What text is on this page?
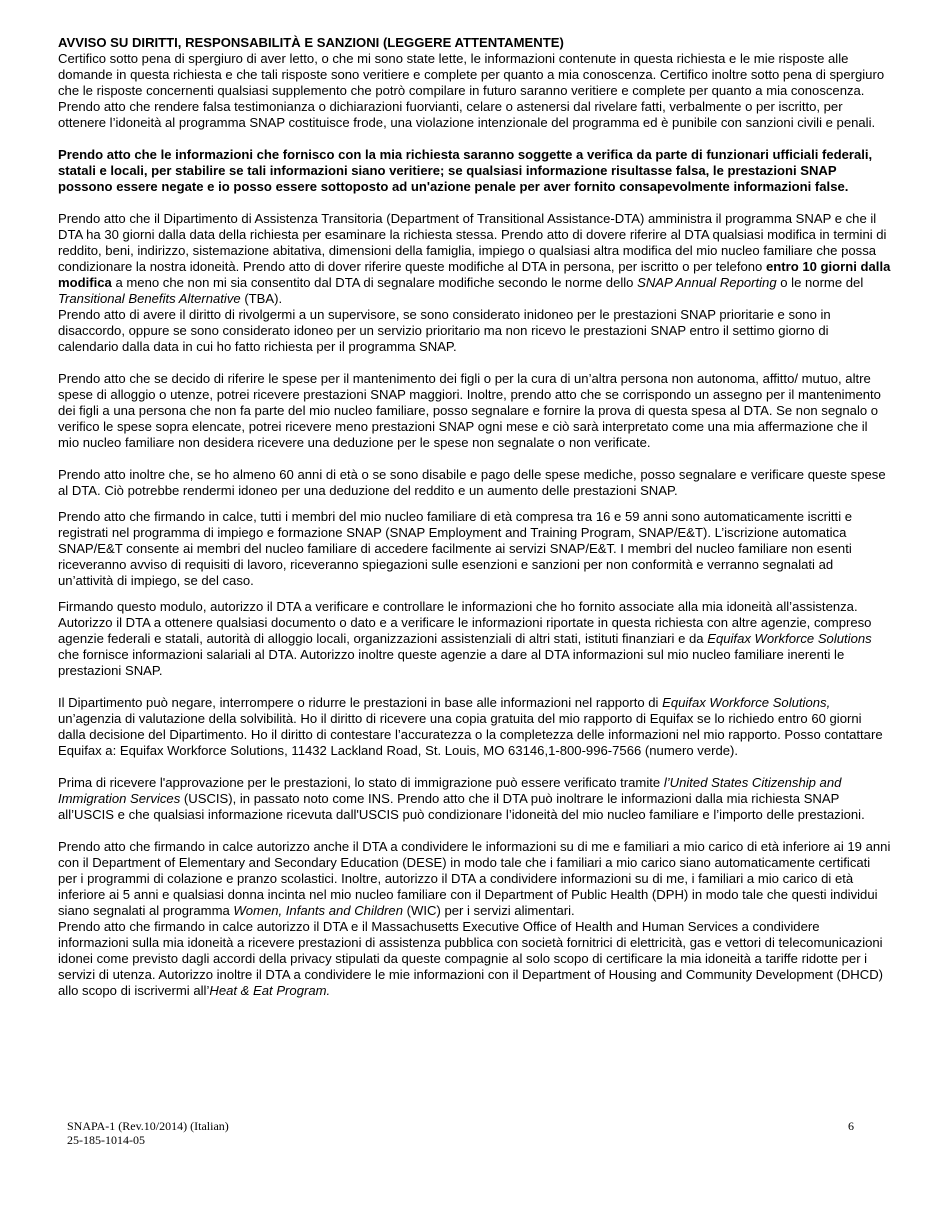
AVVISO SU DIRITTI, RESPONSABILITÀ E SANZIONI (LEGGERE ATTENTAMENTE)

Certifico sotto pena di spergiuro di aver letto, o che mi sono state lette, le informazioni contenute in questa richiesta e le mie risposte alle domande in questa richiesta e che tali risposte sono veritiere e complete per quanto a mia conoscenza. Certifico inoltre sotto pena di spergiuro che le risposte concernenti qualsiasi supplemento che potrò compilare in futuro saranno veritiere e complete per quanto a mia conoscenza. Prendo atto che rendere falsa testimonianza o dichiarazioni fuorvianti, celare o astenersi dal rivelare fatti, verbalmente o per iscritto, per ottenere l’idoneità al programma SNAP costituisce frode, una violazione intenzionale del programma ed è punibile con sanzioni civili e penali.

Prendo atto che le informazioni che fornisco con la mia richiesta saranno soggette a verifica da parte di funzionari ufficiali federali, statali e locali, per stabilire se tali informazioni siano veritiere; se qualsiasi informazione risultasse falsa, le prestazioni SNAP possono essere negate e io posso essere sottoposto ad un'azione penale per aver fornito consapevolmente informazioni false.

Prendo atto che il Dipartimento di Assistenza Transitoria (Department of Transitional Assistance-DTA) amministra il programma SNAP e che il DTA ha 30 giorni dalla data della richiesta per esaminare la richiesta stessa. Prendo atto di dovere riferire al DTA qualsiasi modifica in termini di reddito, beni, indirizzo, sistemazione abitativa, dimensioni della famiglia, impiego o qualsiasi altra modifica del mio nucleo familiare che possa condizionare la nostra idoneità. Prendo atto di dover riferire queste modifiche al DTA in persona, per iscritto o per telefono entro 10 giorni dalla modifica a meno che non mi sia consentito dal DTA di segnalare modifiche secondo le norme dello SNAP Annual Reporting o le norme del Transitional Benefits Alternative (TBA).

Prendo atto di avere il diritto di rivolgermi a un supervisore, se sono considerato inidoneo per le prestazioni SNAP prioritarie e sono in disaccordo, oppure se sono considerato idoneo per un servizio prioritario ma non ricevo le prestazioni SNAP entro il settimo giorno di calendario dalla data in cui ho fatto richiesta per il programma SNAP.

Prendo atto che se decido di riferire le spese per il mantenimento dei figli o per la cura di un’altra persona non autonoma, affitto/ mutuo, altre spese di alloggio o utenze, potrei ricevere prestazioni SNAP maggiori. Inoltre, prendo atto che se corrispondo un assegno per il mantenimento dei figli a una persona che non fa parte del mio nucleo familiare, posso segnalare e fornire la prova di questa spesa al DTA. Se non segnalo o verifico le spese sopra elencate, potrei ricevere meno prestazioni SNAP ogni mese e ciò sarà interpretato come una mia affermazione che il mio nucleo familiare non desidera ricevere una deduzione per le spese non segnalate o non verificate.

Prendo atto inoltre che, se ho almeno 60 anni di età o se sono disabile e pago delle spese mediche, posso segnalare e verificare queste spese al DTA. Ciò potrebbe rendermi idoneo per una deduzione del reddito e un aumento delle prestazioni SNAP.

Prendo atto che firmando in calce, tutti i membri del mio nucleo familiare di età compresa tra 16 e 59 anni sono automaticamente iscritti e registrati nel programma di impiego e formazione SNAP (SNAP Employment and Training Program, SNAP/E&T). L’iscrizione automatica SNAP/E&T consente ai membri del nucleo familiare di accedere facilmente ai servizi SNAP/E&T. I membri del nucleo familiare non esenti riceveranno avviso di requisiti di lavoro, riceveranno spiegazioni sulle esenzioni e sanzioni per non conformità e verranno segnalati ad un’attività di impiego, se del caso.

Firmando questo modulo, autorizzo il DTA a verificare e controllare le informazioni che ho fornito associate alla mia idoneità all’assistenza. Autorizzo il DTA a ottenere qualsiasi documento o dato e a verificare le informazioni riportate in questa richiesta con altre agenzie, compreso agenzie federali e statali, autorità di alloggio locali, organizzazioni assistenziali di altri stati, istituti finanziari e da Equifax Workforce Solutions che fornisce informazioni salariali al DTA. Autorizzo inoltre queste agenzie a dare al DTA informazioni sul mio nucleo familiare inerenti le prestazioni SNAP.

Il Dipartimento può negare, interrompere o ridurre le prestazioni in base alle informazioni nel rapporto di Equifax Workforce Solutions, un’agenzia di valutazione della solvibilità. Ho il diritto di ricevere una copia gratuita del mio rapporto di Equifax se lo richiedo entro 60 giorni dalla decisione del Dipartimento. Ho il diritto di contestare l’accuratezza o la completezza delle informazioni nel mio rapporto. Posso contattare Equifax a: Equifax Workforce Solutions, 11432 Lackland Road, St. Louis, MO 63146,1-800-996-7566 (numero verde).

Prima di ricevere l'approvazione per le prestazioni, lo stato di immigrazione può essere verificato tramite l’United States Citizenship and Immigration Services (USCIS), in passato noto come INS. Prendo atto che il DTA può inoltrare le informazioni dalla mia richiesta SNAP all’USCIS e che qualsiasi informazione ricevuta dall'USCIS può condizionare l’idoneità del mio nucleo familiare e l’importo delle prestazioni.

Prendo atto che firmando in calce autorizzo anche il DTA a condividere le informazioni su di me e familiari a mio carico di età inferiore ai 19 anni con il Department of Elementary and Secondary Education (DESE) in modo tale che i familiari a mio carico siano automaticamente certificati per i programmi di colazione e pranzo scolastici. Inoltre, autorizzo il DTA a condividere informazioni su di me, i familiari a mio carico di età inferiore ai 5 anni e qualsiasi donna incinta nel mio nucleo familiare con il Department of Public Health (DPH) in modo tale che questi individui siano segnalati al programma Women, Infants and Children (WIC) per i servizi alimentari.

Prendo atto che firmando in calce autorizzo il DTA e il Massachusetts Executive Office of Health and Human Services a condividere informazioni sulla mia idoneità a ricevere prestazioni di assistenza pubblica con società fornitrici di elettricità, gas e vettori di telecomunicazioni idonei come previsto dagli accordi della privacy stipulati da queste compagnie al solo scopo di certificare la mia idoneità a tariffe ridotte per i servizi di utenza. Autorizzo inoltre il DTA a condividere le mie informazioni con il Department of Housing and Community Development (DHCD) allo scopo di iscrivermi all’Heat & Eat Program.

SNAPA-1 (Rev.10/2014) (Italian)
25-185-1014-05
6
